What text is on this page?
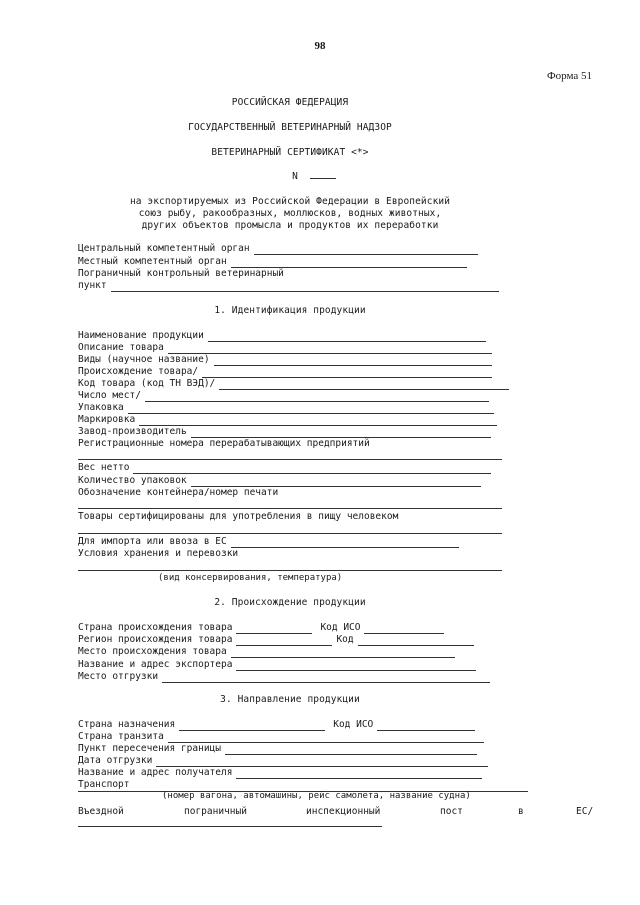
98
Форма 51
РОССИЙСКАЯ ФЕДЕРАЦИЯ
ГОСУДАРСТВЕННЫЙ ВЕТЕРИНАРНЫЙ НАДЗОР
ВЕТЕРИНАРНЫЙ СЕРТИФИКАТ <*>
N
на экспортируемых из Российской Федерации в Европейский
союз рыбу, ракообразных, моллюсков, водных животных,
других объектов промысла и продуктов их переработки
Центральный компетентный орган
Местный компетентный орган
Пограничный контрольный ветеринарный
пункт
1. Идентификация продукции
Наименование продукции
Описание товара
Виды (научное название)
Происхождение товара/
Код товара (код ТН ВЭД)/
Число мест/
Упаковка
Маркировка
Завод-производитель
Регистрационные номера перерабатывающих предприятий
Вес нетто
Количество упаковок
Обозначение контейнера/номер печати
Товары сертифицированы для употребления в пищу человеком
Для импорта или ввоза в ЕС
Условия хранения и перевозки
(вид консервирования, температура)
2. Происхождение продукции
Страна происхождения товара	Код ИСО
Регион происхождения товара	Код
Место происхождения товара
Название и адрес экспортера
Место отгрузки
3. Направление продукции
Страна назначения	Код ИСО
Страна транзита
Пункт пересечения границы
Дата отгрузки
Название и адрес получателя
Транспорт
(номер вагона, автомашины, рейс самолета, название судна)
Въездной	пограничный	инспекционный	пост	в	ЕС/
